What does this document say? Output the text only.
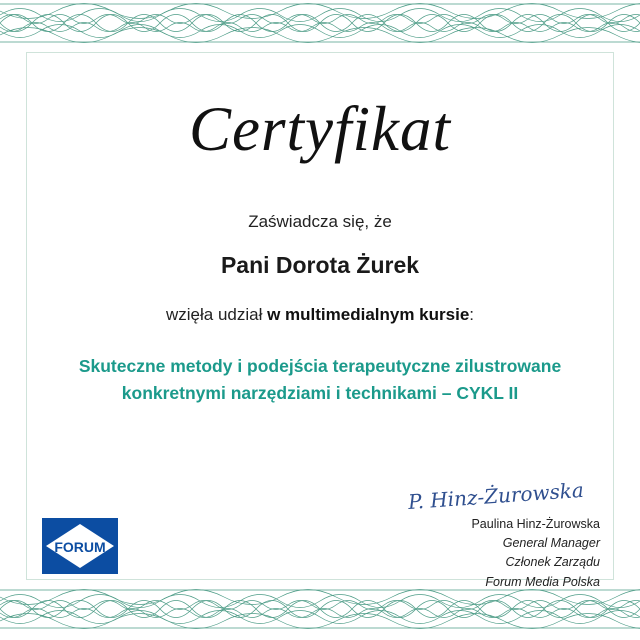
Certyfikat
Zaświadcza się, że
Pani Dorota Żurek
wzięła udział w multimedialnym kursie:
Skuteczne metody i podejścia terapeutyczne zilustrowane
konkretnymi narzędziami i technikami – CYKL II
FORUM
P. Hinz-Żurowska
Paulina Hinz-Żurowska
General Manager
Członek Zarządu
Forum Media Polska
